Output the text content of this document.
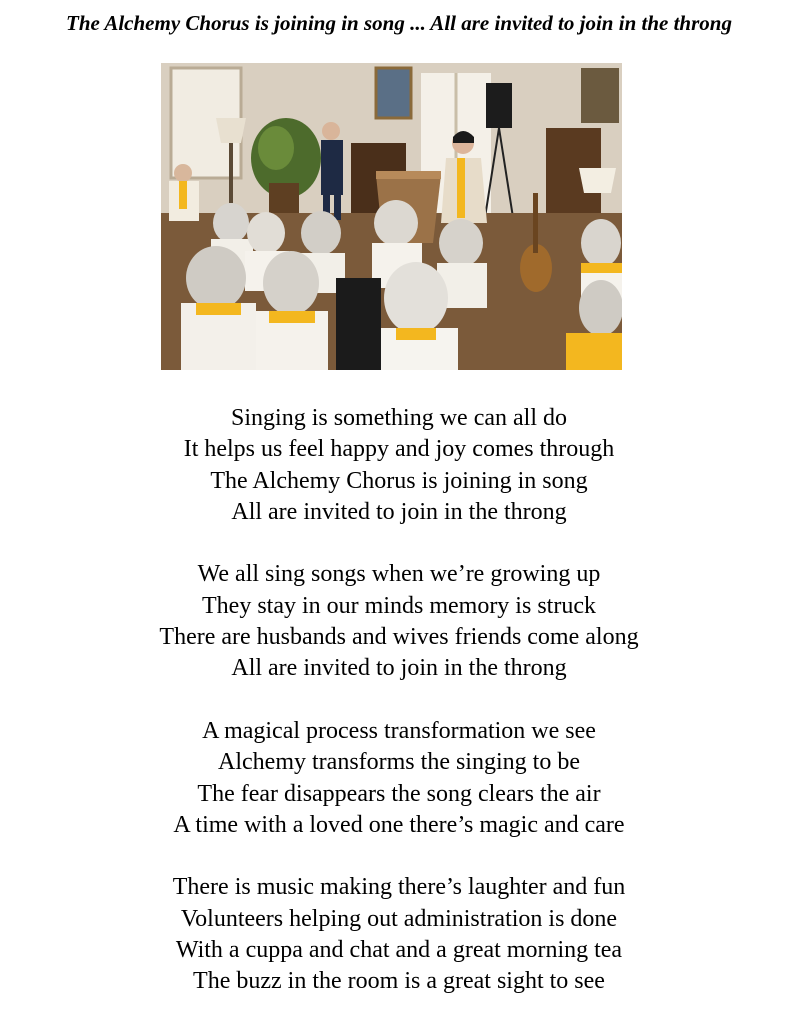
The Alchemy Chorus is joining in song ... All are invited to join in the throng
Singing is something we can all do
It helps us feel happy and joy comes through
The Alchemy Chorus is joining in song
All are invited to join in the throng
We all sing songs when we’re growing up
They stay in our minds memory is struck
There are husbands and wives friends come along
All are invited to join in the throng
A magical process transformation we see
Alchemy transforms the singing to be
The fear disappears the song clears the air
A time with a loved one there’s magic and care
There is music making there’s laughter and fun
Volunteers helping out administration is done
With a cuppa and chat and a great morning tea
The buzz in the room is a great sight to see
